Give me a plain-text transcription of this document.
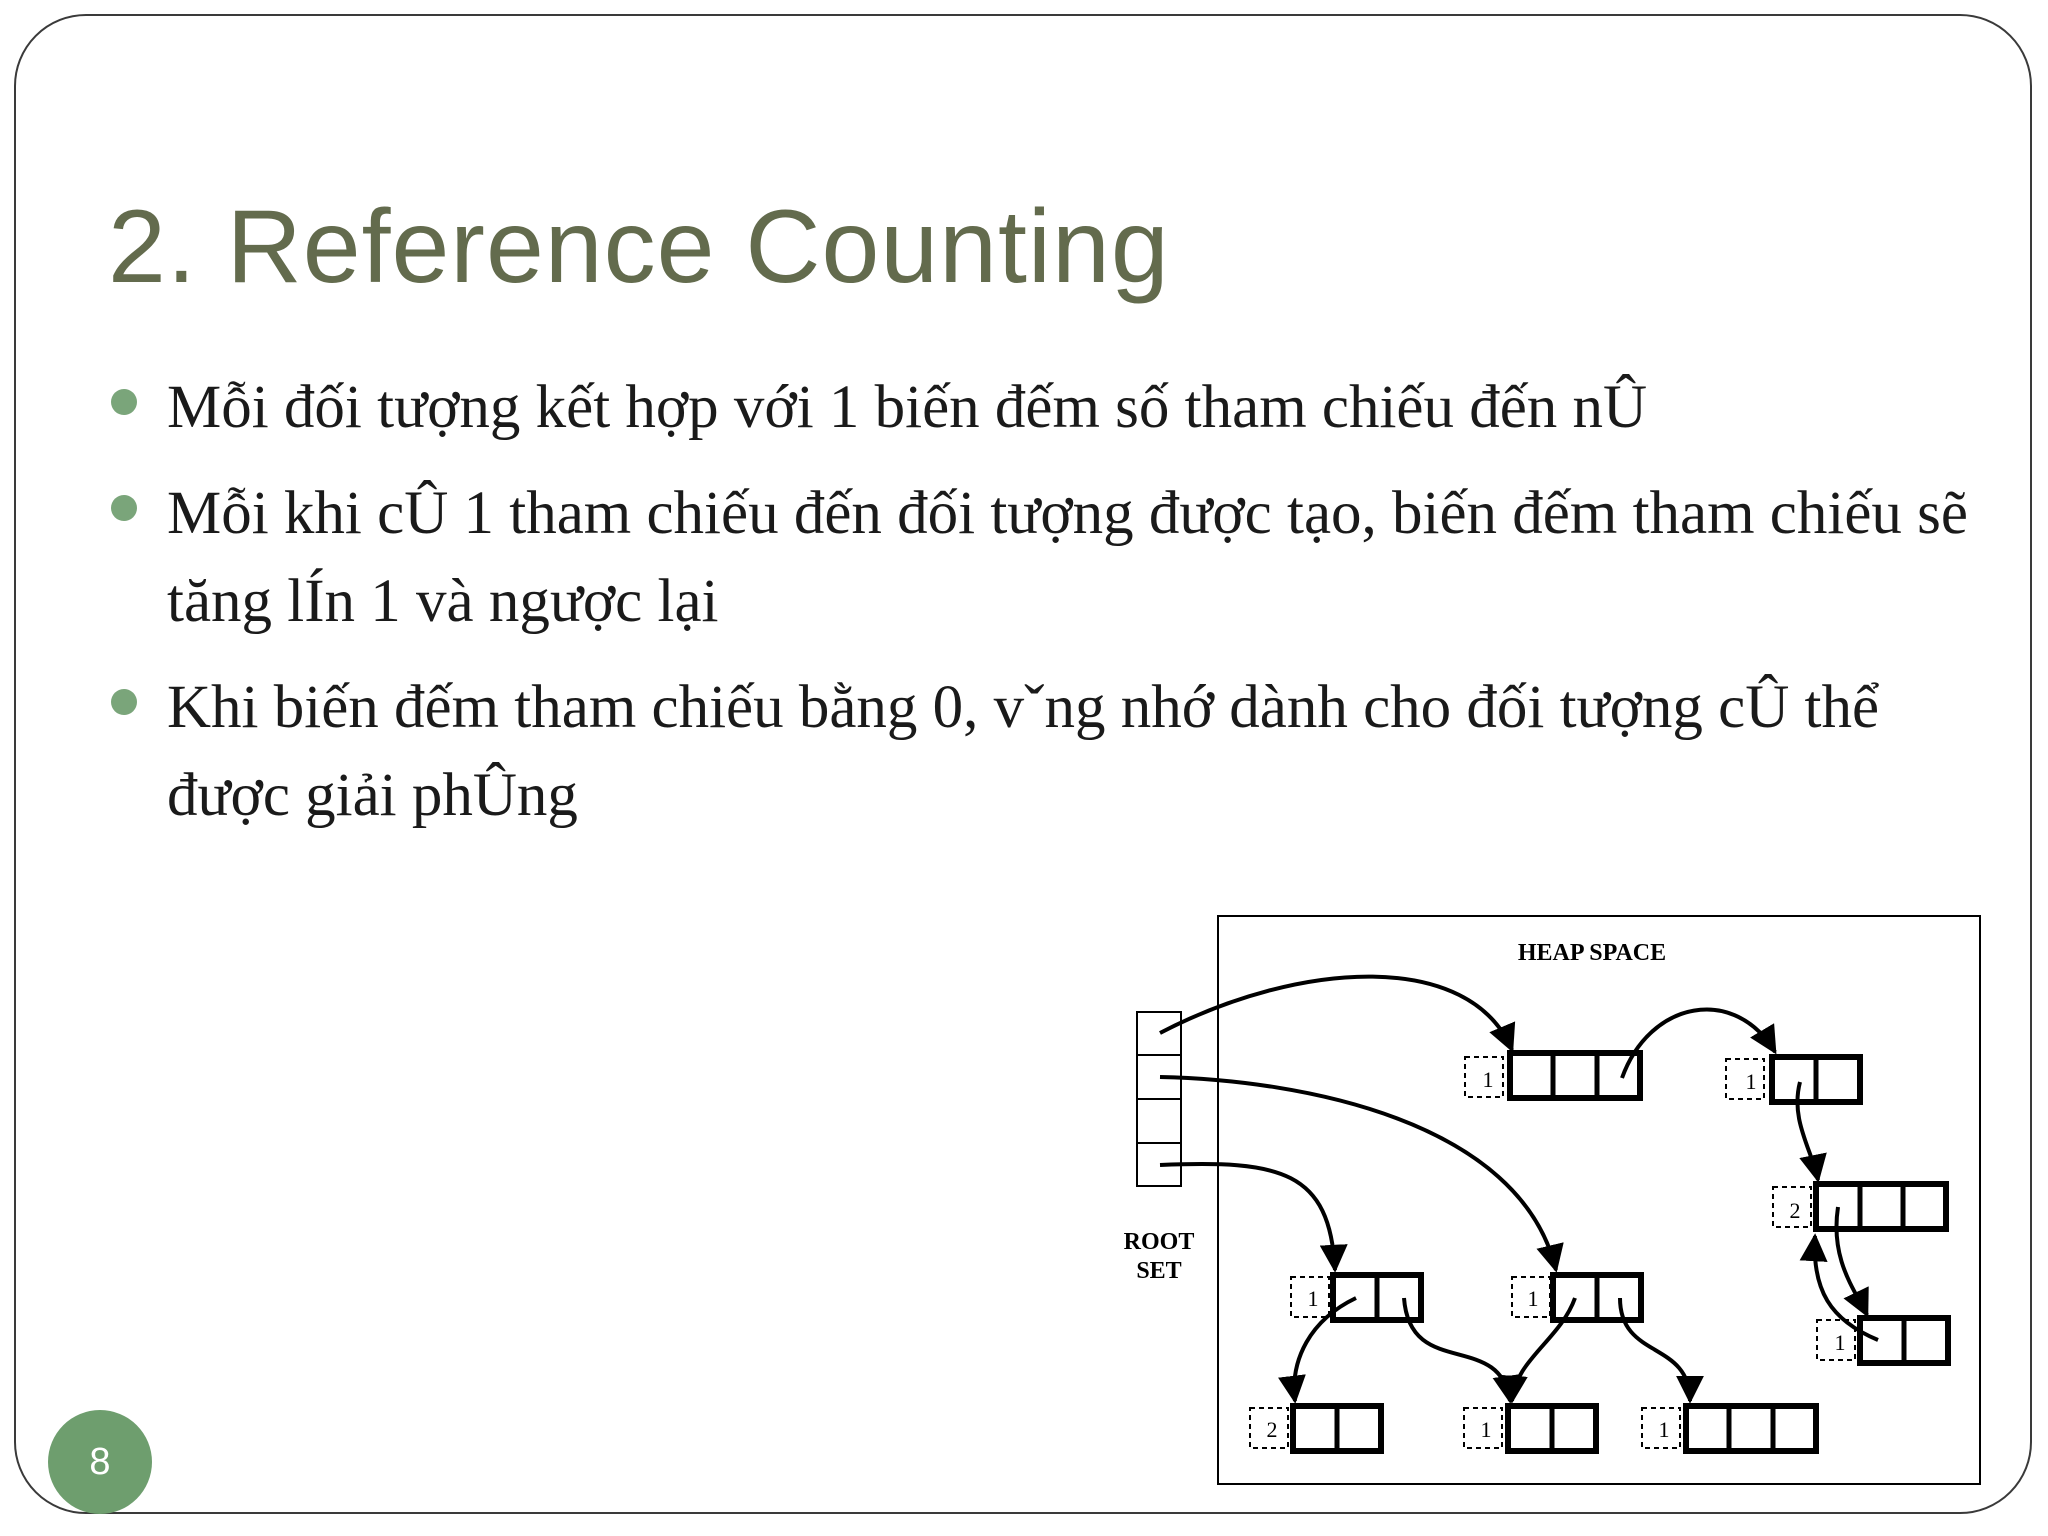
2. Reference Counting
Mỗi đối tượng kết hợp với 1 biến đếm số tham chiếu đến nÛ
Mỗi khi cÛ 1 tham chiếu đến đối tượng được tạo, biến đếm tham chiếu sẽ tăng lÍn 1 và ngược lại
Khi biến đếm tham chiếu bằng 0, vˇng nhớ dành cho đối tượng cÛ thể được giải phÛng
8
HEAP SPACE
ROOT
SET
1	1
2
1	1
1
2	1	1
